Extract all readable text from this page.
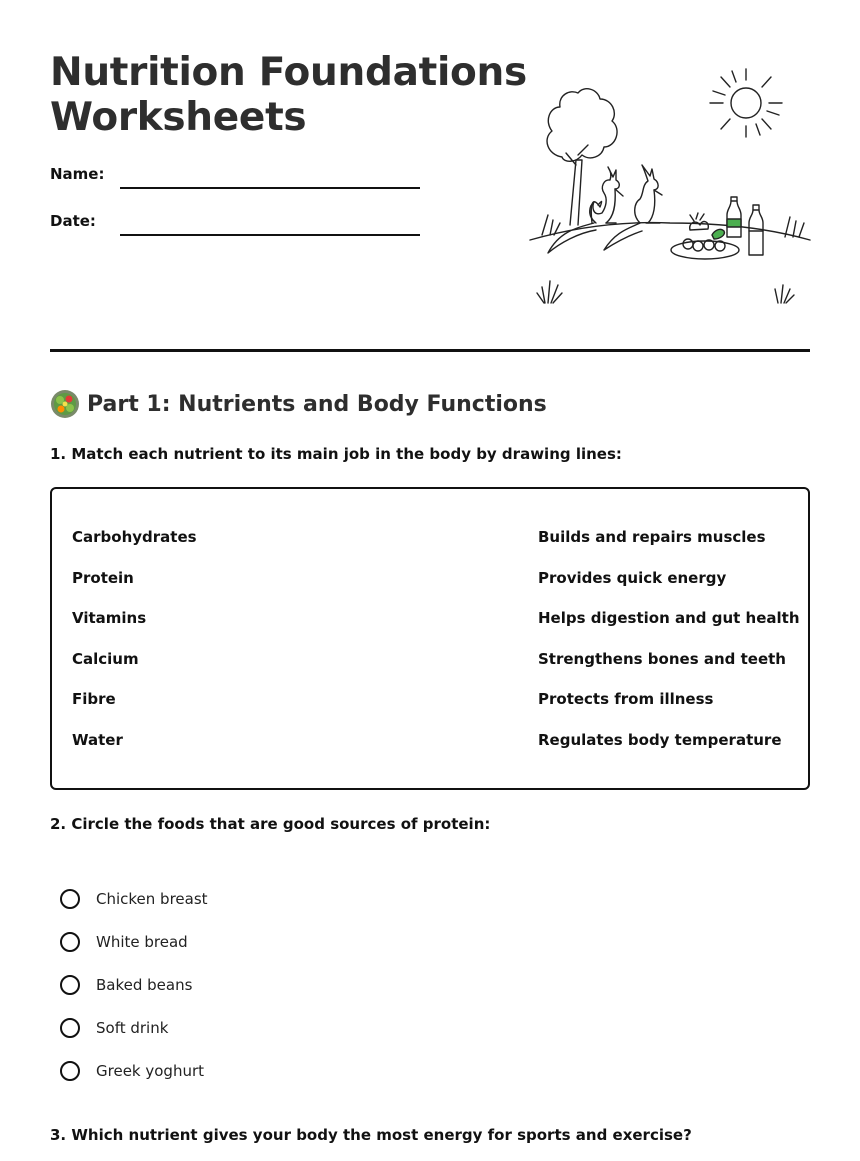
Nutrition Foundations
Worksheets
Name:
Date:
Part 1: Nutrients and Body Functions
1. Match each nutrient to its main job in the body by drawing lines:
Carbohydrates
Protein
Vitamins
Calcium
Fibre
Water
Builds and repairs muscles
Provides quick energy
Helps digestion and gut health
Strengthens bones and teeth
Protects from illness
Regulates body temperature
2. Circle the foods that are good sources of protein:
Chicken breast
White bread
Baked beans
Soft drink
Greek yoghurt
3. Which nutrient gives your body the most energy for sports and exercise?
